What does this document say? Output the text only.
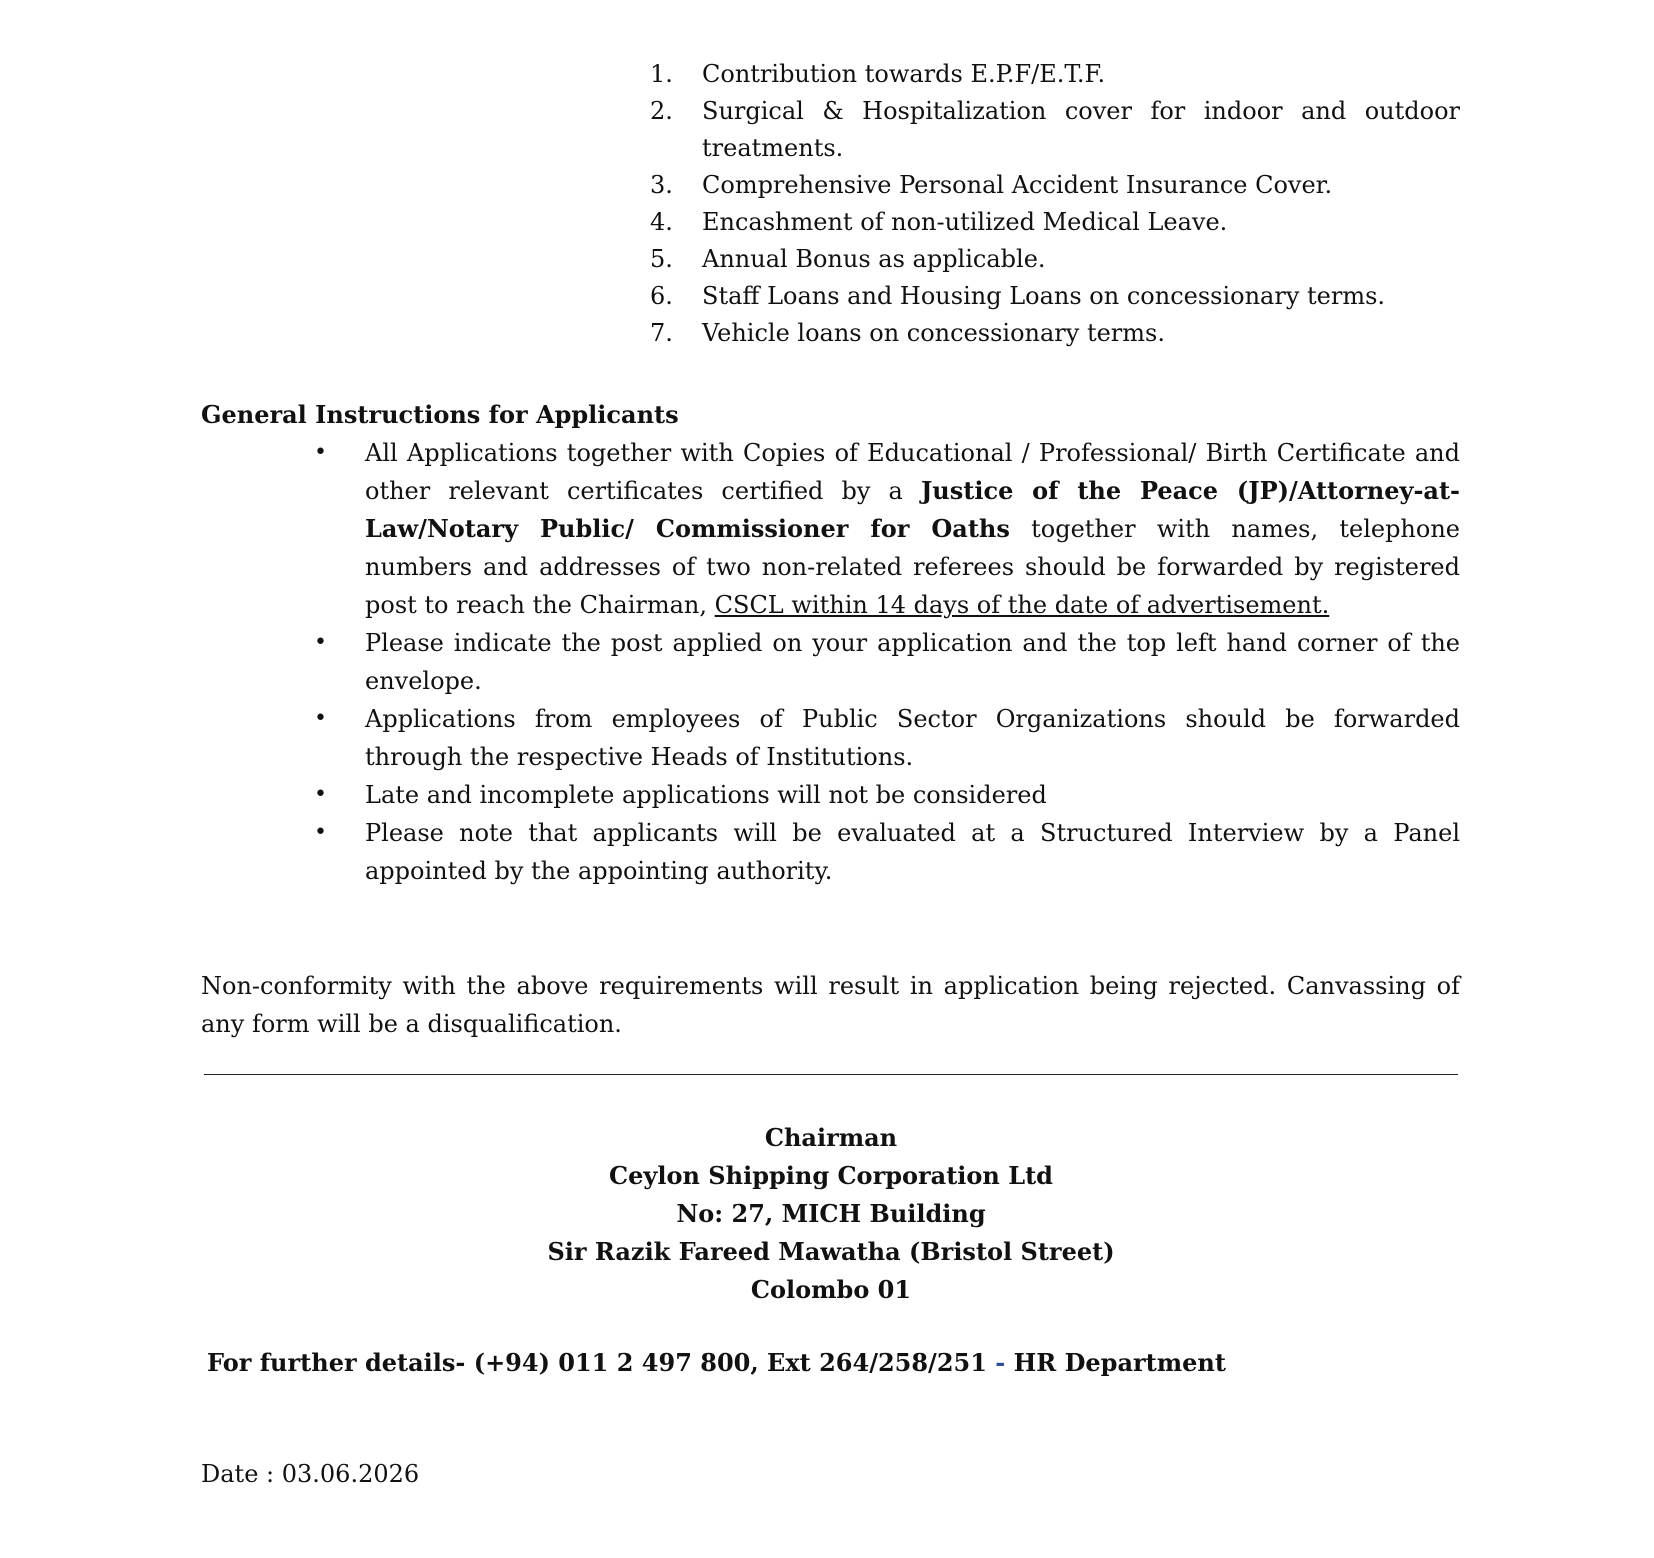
1.	Contribution towards E.P.F/E.T.F.
2.	Surgical & Hospitalization cover for indoor and outdoor treatments.
3.	Comprehensive Personal Accident Insurance Cover.
4.	Encashment of non-utilized Medical Leave.
5.	Annual Bonus as applicable.
6.	Staff Loans and Housing Loans on concessionary terms.
7.	Vehicle loans on concessionary terms.
General Instructions for Applicants
•	All Applications together with Copies of Educational / Professional/ Birth Certificate and other relevant certificates certified by a Justice of the Peace (JP)/Attorney-at-Law/Notary Public/ Commissioner for Oaths together with names, telephone numbers and addresses of two non-related referees should be forwarded by registered post to reach the Chairman, CSCL within 14 days of the date of advertisement.
•	Please indicate the post applied on your application and the top left hand corner of the envelope.
•	Applications from employees of Public Sector Organizations should be forwarded through the respective Heads of Institutions.
•	Late and incomplete applications will not be considered
•	Please note that applicants will be evaluated at a Structured Interview by a Panel appointed by the appointing authority.
Non-conformity with the above requirements will result in application being rejected. Canvassing of any form will be a disqualification.
Chairman
Ceylon Shipping Corporation Ltd
No: 27, MICH Building
Sir Razik Fareed Mawatha (Bristol Street)
Colombo 01
For further details- (+94) 011 2 497 800, Ext 264/258/251 - HR Department
Date : 03.06.2026
